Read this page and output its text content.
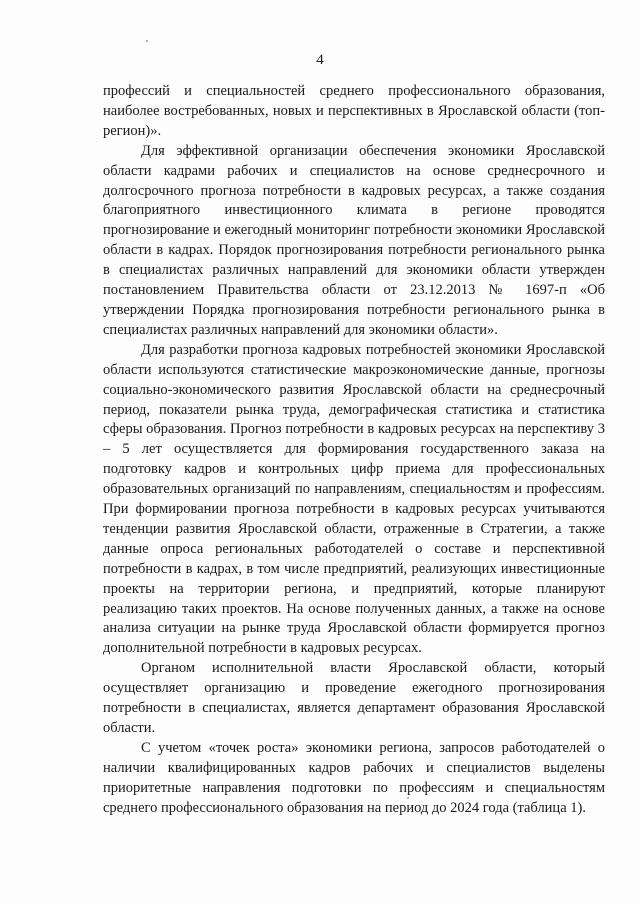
4

профессий и специальностей среднего профессионального образования, наиболее востребованных, новых и перспективных в Ярославской области (топ-регион)».

Для эффективной организации обеспечения экономики Ярославской области кадрами рабочих и специалистов на основе среднесрочного и долгосрочного прогноза потребности в кадровых ресурсах, а также создания благоприятного инвестиционного климата в регионе проводятся прогнозирование и ежегодный мониторинг потребности экономики Ярославской области в кадрах. Порядок прогнозирования потребности регионального рынка в специалистах различных направлений для экономики области утвержден постановлением Правительства области от 23.12.2013 № 1697-п «Об утверждении Порядка прогнозирования потребности регионального рынка в специалистах различных направлений для экономики области».

Для разработки прогноза кадровых потребностей экономики Ярославской области используются статистические макроэкономические данные, прогнозы социально-экономического развития Ярославской области на среднесрочный период, показатели рынка труда, демографическая статистика и статистика сферы образования. Прогноз потребности в кадровых ресурсах на перспективу 3 – 5 лет осуществляется для формирования государственного заказа на подготовку кадров и контрольных цифр приема для профессиональных образовательных организаций по направлениям, специальностям и профессиям. При формировании прогноза потребности в кадровых ресурсах учитываются тенденции развития Ярославской области, отраженные в Стратегии, а также данные опроса региональных работодателей о составе и перспективной потребности в кадрах, в том числе предприятий, реализующих инвестиционные проекты на территории региона, и предприятий, которые планируют реализацию таких проектов. На основе полученных данных, а также на основе анализа ситуации на рынке труда Ярославской области формируется прогноз дополнительной потребности в кадровых ресурсах.

Органом исполнительной власти Ярославской области, который осуществляет организацию и проведение ежегодного прогнозирования потребности в специалистах, является департамент образования Ярославской области.

С учетом «точек роста» экономики региона, запросов работодателей о наличии квалифицированных кадров рабочих и специалистов выделены приоритетные направления подготовки по профессиям и специальностям среднего профессионального образования на период до 2024 года (таблица 1).
